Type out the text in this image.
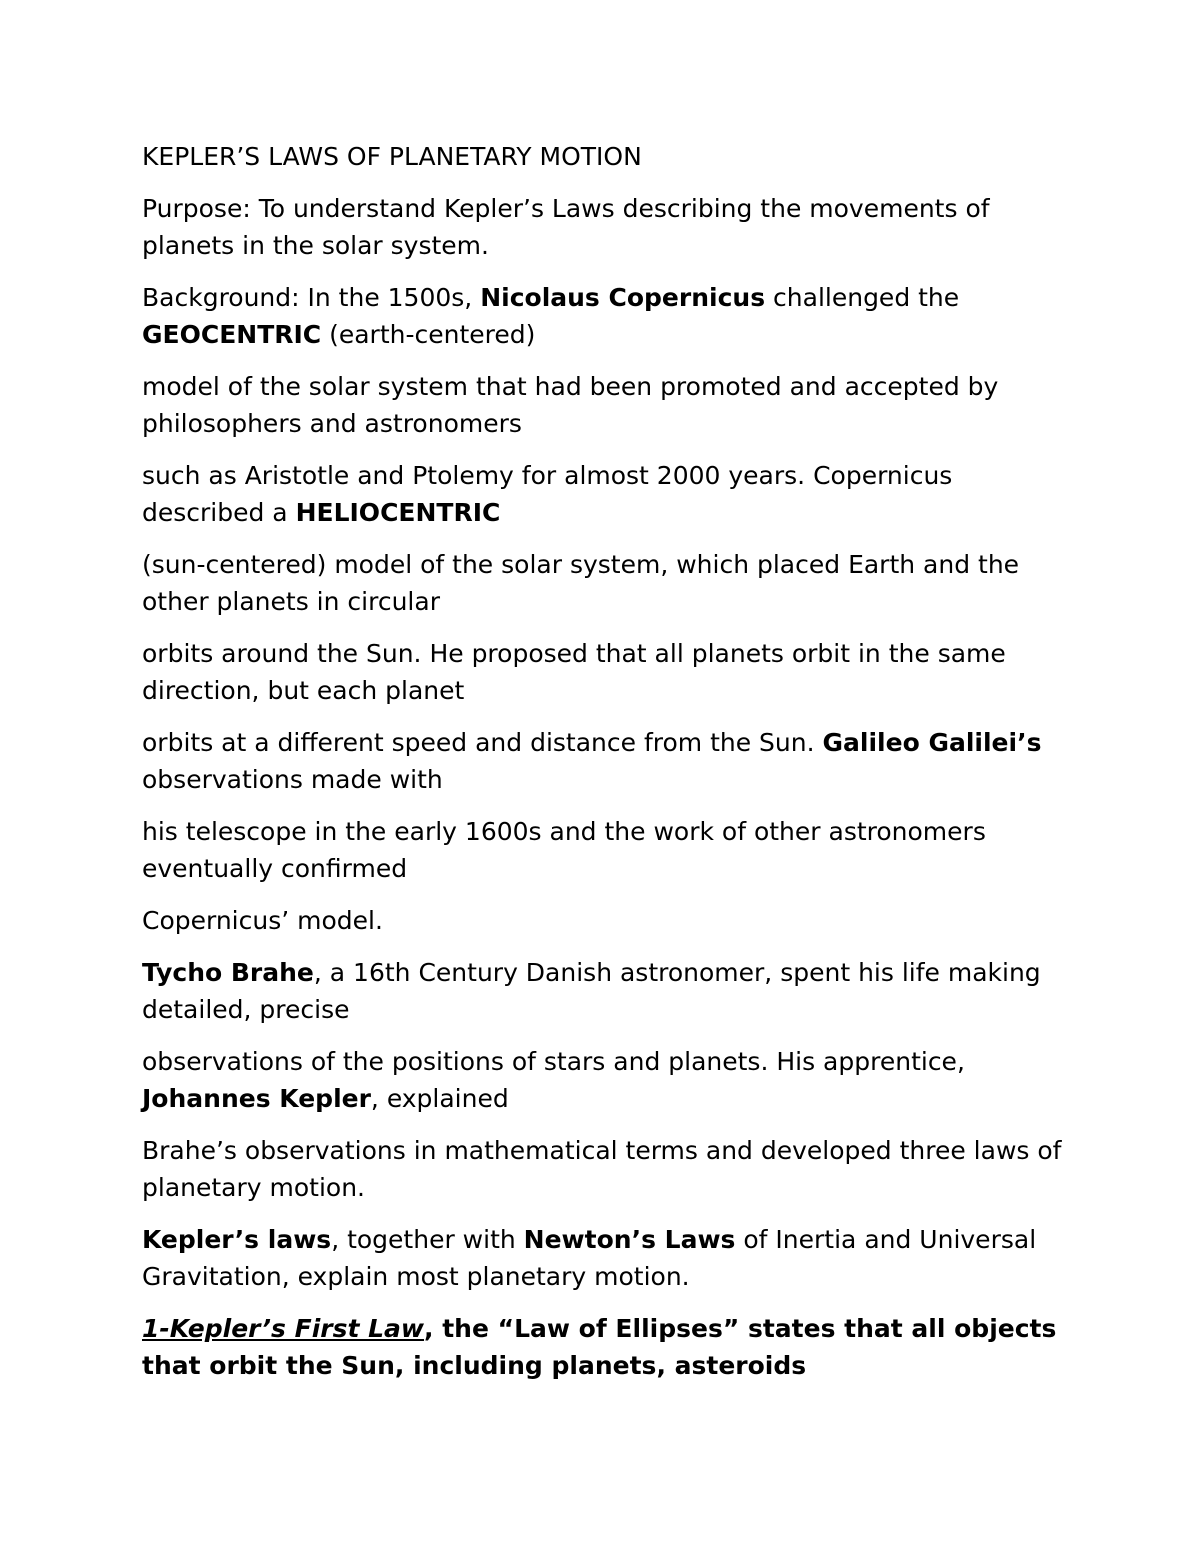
KEPLER’S LAWS OF PLANETARY MOTION

Purpose: To understand Kepler’s Laws describing the movements of planets in the solar system.

Background: In the 1500s, Nicolaus Copernicus challenged the GEOCENTRIC (earth-centered)

model of the solar system that had been promoted and accepted by philosophers and astronomers

such as Aristotle and Ptolemy for almost 2000 years. Copernicus described a HELIOCENTRIC

(sun-centered) model of the solar system, which placed Earth and the other planets in circular

orbits around the Sun. He proposed that all planets orbit in the same direction, but each planet

orbits at a different speed and distance from the Sun. Galileo Galilei’s observations made with

his telescope in the early 1600s and the work of other astronomers eventually confirmed

Copernicus’ model.

Tycho Brahe, a 16th Century Danish astronomer, spent his life making detailed, precise

observations of the positions of stars and planets. His apprentice, Johannes Kepler, explained

Brahe’s observations in mathematical terms and developed three laws of planetary motion.

Kepler’s laws, together with Newton’s Laws of Inertia and Universal Gravitation, explain most planetary motion.

1-Kepler’s First Law, the “Law of Ellipses” states that all objects that orbit the Sun, including planets, asteroids
